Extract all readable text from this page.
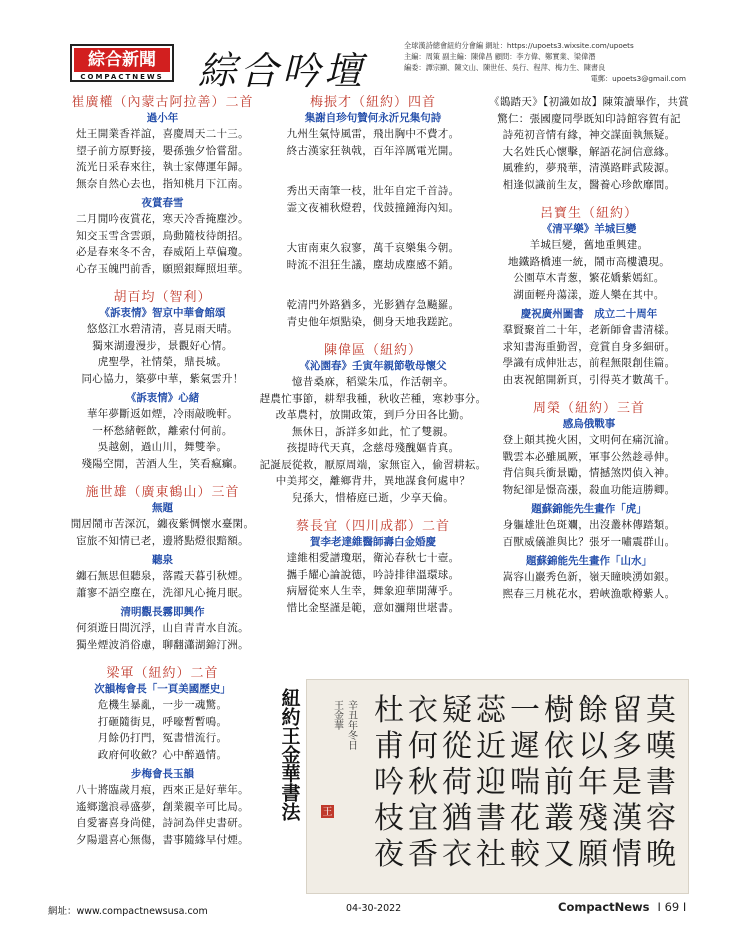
綜合新聞
COMPACTNEWS 綜合吟壇
全球漢詩總會紐約分會編 網址：https://upoets3.wixsite.com/upoets
主編：周策 副主編：陳偉昌 顧問：李方偉、鄭實業、梁偉潛
編委：譚宗顯、陳文山、陳世任、吳行、程萍、梅力生、陳書良
電郵：upoets3@gmail.com
崔廣權（內蒙古阿拉善）二首
過小年
灶王開業香祥誼，喜慶周天二十三。
望子前方原野接，嬰孫強夕恰嘗甜。
流光日采春來往，執士家傳運年歸。
無奈自然心去也，指知桃月下江南。
夜賞春雪
二月閒吟夜賞花，寒天冷香掩塵沙。
知交玉雪含雲頭，鳥動隨枝待朗招。
必是春來冬不舍，春威陌上草偏瓊。
心存玉魄門前香，願照銀輝照坦華。
胡百均（智利）
《訴衷情》智京中華會館頌
悠悠江水碧清清，喜見雨天晴。
獨來湖邊漫步，景觀好心情。
虎聖學，社情榮，鼎長城。
同心協力，築夢中華，紫氣雲升！
《訴衷情》心緒
華年夢斷返如煙，冷雨敲晚軒。
一杯愁緒輕飲，離索付何前。
吳越劍，過山川，舞雙拳。
殘陽空閒，苦酒人生，笑看瘋癲。
施世雄（廣東鶴山）三首
無題
閒居鬧市苦深沉，纏夜紫惆懷水臺閑。
宦旅不知情已老，邊將點燈很黯額。
聽泉
纏石無思但聽泉，落霞天暮引秋煙。
蕭寥不語空塵在，洗卻凡心掩月眠。
清明觀長霧即興作
何須遊日間沉浮，山自青青水自流。
獨坐煙波消俗慮，聊翻瀟湖錦汀洲。
梁軍（紐約）二首
次韻梅會長「一頁美國歷史」
危機生暴亂，一步一魂驚。
打砸隨街見，呼嚎暫暫鳴。
月餘仍打門，冤書惜流行。
政府何收斂？心中醉過情。
步梅會長玉韻
八十將臨歲月痕，西來正是好華年。
遙鄉邈浪尋盛夢，創業親辛可比局。
自愛審喜身尚健，詩詞為伴史書研。
夕陽還喜心無傷，書事隨緣早付煙。
梅振才（紐約）四首
集謝自珍句贊何永沂兄集句詩
九州生氣恃風雷，飛出胸中不費才。
終古漢家狂執戟，百年淬厲電光開。
秀出天南筆一枝，壯年自定千首詩。
霊文夜補秋燈碧，伐鼓撞鐘海內知。
大宙南東久寂寥，萬千哀樂集今朝。
時流不沮狂生議，塵劫成塵感不銷。
乾清門外路猶多，光影猶存急飈羅。
青史他年煩點染，側身天地我蹉跎。
陳偉區（紐約）
《沁園春》壬寅年親節敬母懷父
憶昔桑庥，稻粱朱瓜，作活朝辛。
趕農忙事節，耕犁我種，秋收芒種，寒耖事分。
改革農村，放開政策，到戶分田各比勤。
無休日，訴詳多如此，忙了雙親。
孩提時代天真，念慈母殘醜嫗肯真。
記誕辰從救，厭原周端，家無宦入，偷習耕耘。
中美邦交，離鄉背井，異地謀食何處申？
兒孫大，惜椿庭已逝，少享天倫。
蔡長宜（四川成都）二首
賀李老達維醫師壽白金婚慶
達維相愛譜瓊琚，衛沁春秋七十壺。
攜手耀心論說德，吟詩排律溫環球。
病層從來人生幸，舞象迎華開薄乎。
惜比金堅謹是範，意如瀰翔世堪書。
《鵲踏天》【初識如故】陳策讀畢作，共賞
驚仁：張國慶同學既知印詩館容賀有記
詩苑初音情有緣，神交謀面執無疑。
大名姓氏心懷擊，解語花詞信意緣。
風雅約，夢飛華，清漢路畔武陵源。
相逢似識前生友，醫養心珍飲靡間。
呂寶生（紐約）
《清平樂》羊城巨變
羊城巨變，舊地重興建。
地鐵路橋連一統，鬧市高樓濃現。
公園草木青葱，繁花嬌紫嫣紅。
湖面輕舟蕩漾，遊人樂在其中。
慶祝廣州圖書　成立二十周年
羣賢聚首二十年，老新師會書清樣。
求知書海重勤習，竟賞自身多細研。
學識有成伸壯志，前程無限創佳篇。
由衷祝館開新頁，引得英才數萬千。
周榮（紐約）三首
感烏俄戰事
登上顛其挽火困，文明何在痛沉淪。
戰雲本必雖風厥，軍事公然趁尋伸。
背信與兵衝景勵，情撼煞閃偵入神。
物紀卻是憬高漲，殺血功能這勝卿。
題蘇錦能先生畫作「虎」
身軀雄壯色斑斕，出沒叢林傳踏類。
百獸威儀誰與比？張牙一嘯震群山。
題蘇錦能先生畫作「山水」
嵩容山巖秀色新，嶺天瞳映湧如銀。
熙春三月桃花水，碧峽漁歌樽紫人。
紐約王金華書法	莫
嘆
書
容
晚
留
多
是
漢
情
餘
以
年
殘
願
樹
依
前
叢
又
一
遲
喘
花
較
蕊
近
迎
書
社
疑
從
荷
猶
衣
衣
何
秋
宜
香
杜
甫
吟
枝
夜
辛丑年冬日
王金華
王
網址：www.compactnewsusa.com	04-30-2022	CompactNews I 69 I
